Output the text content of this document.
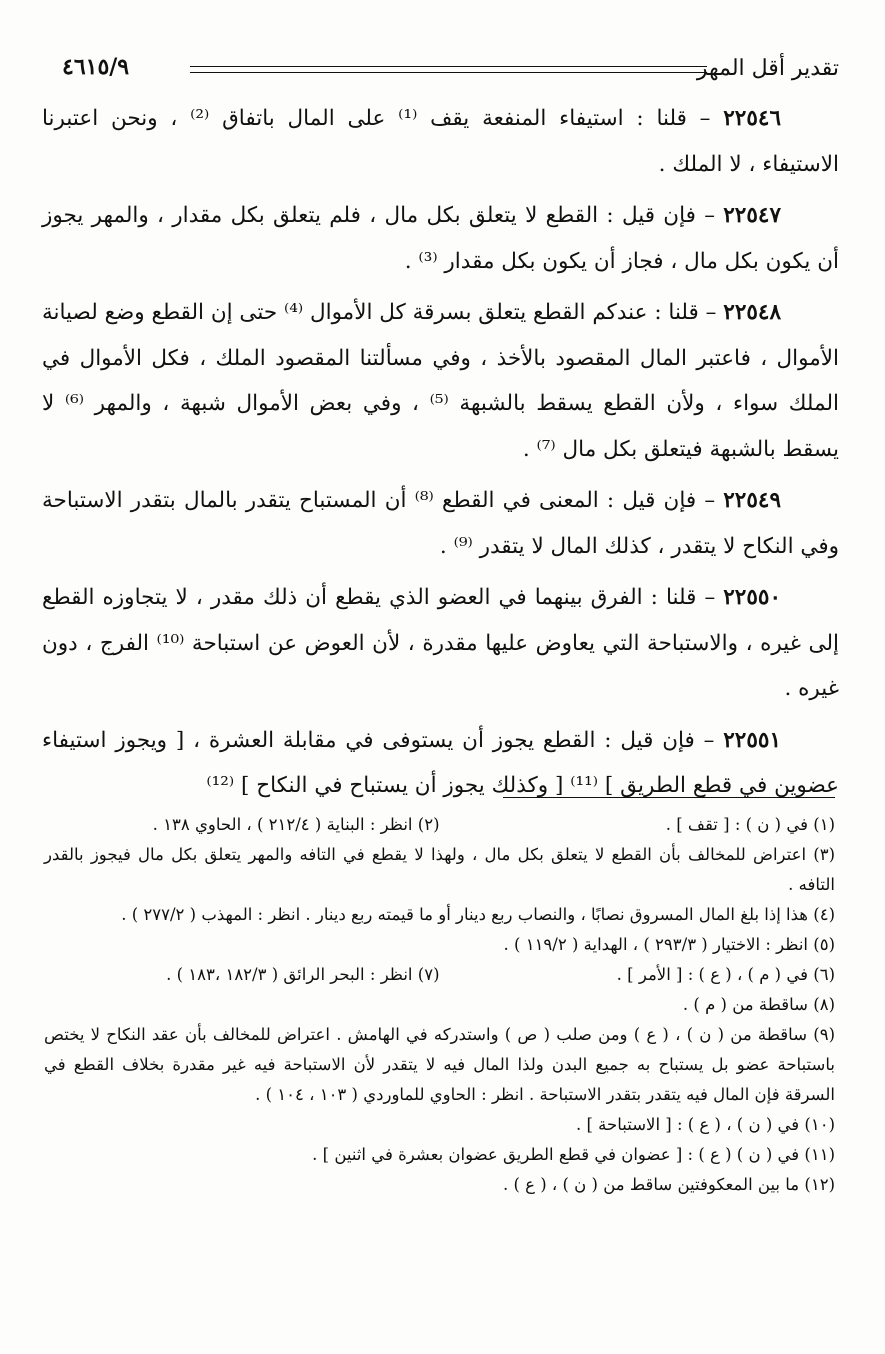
تقدير أقل المهر
٤٦١٥/٩

٢٢٥٤٦ – قلنا : استيفاء المنفعة يقف ⁽¹⁾ على المال باتفاق ⁽²⁾ ، ونحن اعتبرنا الاستيفاء ، لا الملك .

٢٢٥٤٧ – فإن قيل : القطع لا يتعلق بكل مال ، فلم يتعلق بكل مقدار ، والمهر يجوز أن يكون بكل مال ، فجاز أن يكون بكل مقدار ⁽³⁾ .

٢٢٥٤٨ – قلنا : عندكم القطع يتعلق بسرقة كل الأموال ⁽⁴⁾ حتى إن القطع وضع لصيانة الأموال ، فاعتبر المال المقصود بالأخذ ، وفي مسألتنا المقصود الملك ، فكل الأموال في الملك سواء ، ولأن القطع يسقط بالشبهة ⁽⁵⁾ ، وفي بعض الأموال شبهة ، والمهر ⁽⁶⁾ لا يسقط بالشبهة فيتعلق بكل مال ⁽⁷⁾ .

٢٢٥٤٩ – فإن قيل : المعنى في القطع ⁽⁸⁾ أن المستباح يتقدر بالمال بتقدر الاستباحة وفي النكاح لا يتقدر ، كذلك المال لا يتقدر ⁽⁹⁾ .

٢٢٥٥٠ – قلنا : الفرق بينهما في العضو الذي يقطع أن ذلك مقدر ، لا يتجاوزه القطع إلى غيره ، والاستباحة التي يعاوض عليها مقدرة ، لأن العوض عن استباحة ⁽¹⁰⁾ الفرج ، دون غيره .

٢٢٥٥١ – فإن قيل : القطع يجوز أن يستوفى في مقابلة العشرة ، [ ويجوز استيفاء عضوين في قطع الطريق ] ⁽¹¹⁾ [ وكذلك يجوز أن يستباح في النكاح ] ⁽¹²⁾

(١) في ( ن ) : [ تقف ] .

(٢) انظر : البناية ( ٢١٢/٤ ) ، الحاوي ١٣٨ .

(٣) اعتراض للمخالف بأن القطع لا يتعلق بكل مال ، ولهذا لا يقطع في التافه والمهر يتعلق بكل مال فيجوز بالقدر التافه .

(٤) هذا إذا بلغ المال المسروق نصابًا ، والنصاب ربع دينار أو ما قيمته ربع دينار . انظر : المهذب ( ٢٧٧/٢ ) .

(٥) انظر : الاختيار ( ٢٩٣/٣ ) ، الهداية ( ١١٩/٢ ) .

(٦) في ( م ) ، ( ع ) : [ الأمر ] .

(٧) انظر : البحر الرائق ( ١٨٢/٣ ،١٨٣ ) .

(٨) ساقطة من ( م ) .

(٩) ساقطة من ( ن ) ، ( ع ) ومن صلب ( ص ) واستدركه في الهامش . اعتراض للمخالف بأن عقد النكاح لا يختص باستباحة عضو بل يستباح به جميع البدن ولذا المال فيه لا يتقدر لأن الاستباحة فيه غير مقدرة بخلاف القطع في السرقة فإن المال فيه يتقدر بتقدر الاستباحة . انظر : الحاوي للماوردي ( ١٠٣ ، ١٠٤ ) .

(١٠) في ( ن ) ، ( ع ) : [ الاستباحة ] .

(١١) في ( ن ) ( ع ) : [ عضوان في قطع الطريق عضوان بعشرة في اثنين ] .

(١٢) ما بين المعكوفتين ساقط من ( ن ) ، ( ع ) .
